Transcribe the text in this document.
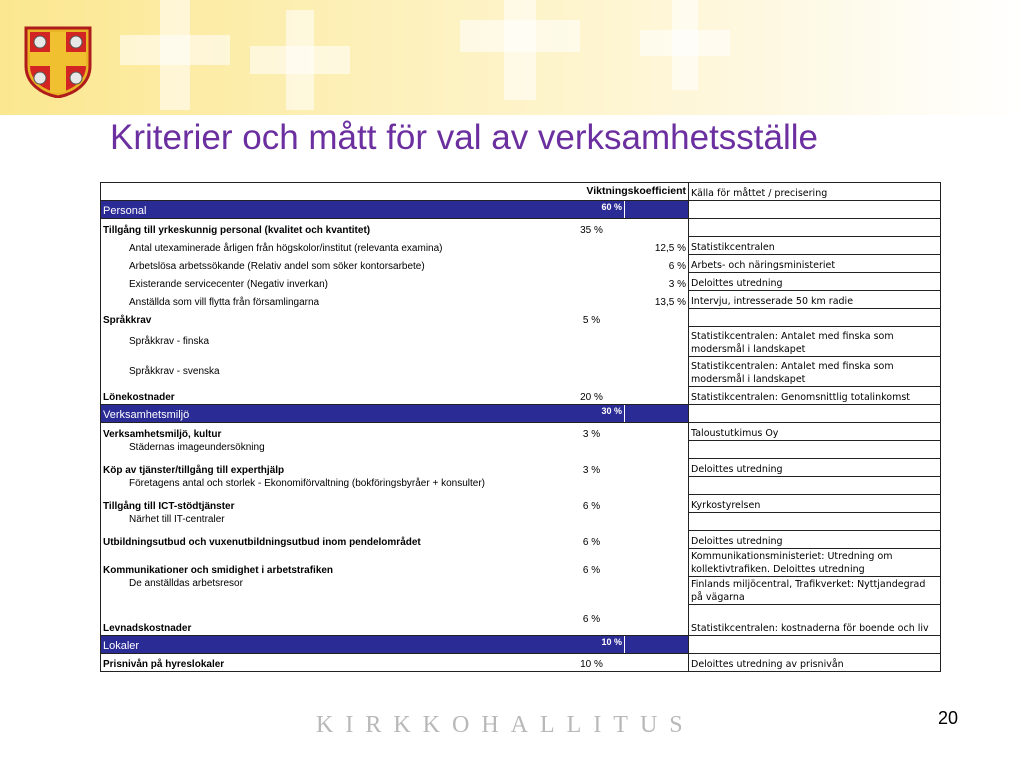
Kriterier och mått för val av verksamhetsställe

		Viktningskoefficient	Källa för måttet / precisering
Personal	60 %		
Tillgång till yrkeskunnig personal (kvalitet och kvantitet)	35 %		
Antal utexaminerade årligen från högskolor/institut (relevanta examina)		12,5 %	Statistikcentralen
Arbetslösa arbetssökande (Relativ andel som söker kontorsarbete)		6 %	Arbets- och näringsministeriet
Existerande servicecenter (Negativ inverkan)		3 %	Deloittes utredning
Anställda som vill flytta från församlingarna		13,5 %	Intervju, intresserade 50 km radie
Språkkrav	5 %		
Språkkrav - finska			Statistikcentralen: Antalet med finska som modersmål i landskapet
Språkkrav - svenska			Statistikcentralen: Antalet med finska som modersmål i landskapet
Lönekostnader	20 %		Statistikcentralen: Genomsnittlig totalinkomst
Verksamhetsmiljö	30 %		
Verksamhetsmiljö, kultur	3 %		Taloustutkimus Oy
Städernas imageundersökning			
Köp av tjänster/tillgång till experthjälp	3 %		Deloittes utredning
Företagens antal och storlek - Ekonomiförvaltning (bokföringsbyråer + konsulter)			
Tillgång till ICT-stödtjänster	6 %		Kyrkostyrelsen
Närhet till IT-centraler			
Utbildningsutbud och vuxenutbildningsutbud inom pendelområdet	6 %		Deloittes utredning
Kommunikationer och smidighet i arbetstrafiken	6 %		Kommunikationsministeriet: Utredning om kollektivtrafiken. Deloittes utredning
De anställdas arbetsresor			Finlands miljöcentral, Trafikverket: Nyttjandegrad på vägarna
Levnadskostnader	6 %		Statistikcentralen: kostnaderna för boende och liv
Lokaler	10 %		
Prisnivån på hyreslokaler	10 %		Deloittes utredning av prisnivån
KIRKKOHALLITUS	20
